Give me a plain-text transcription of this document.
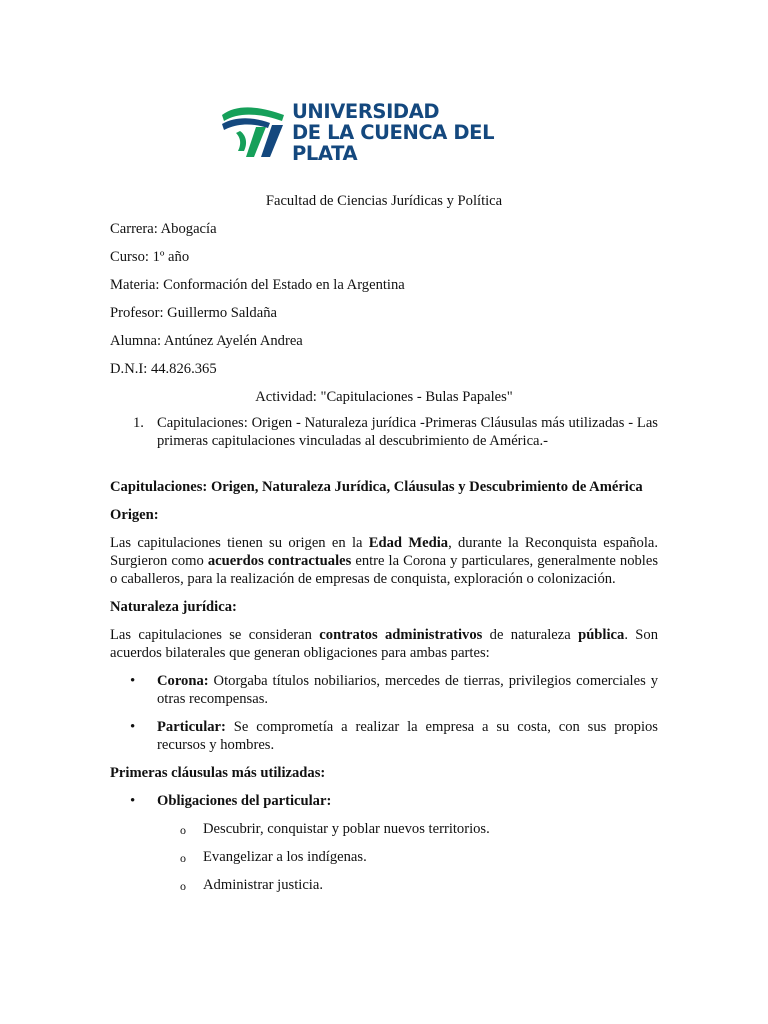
UNIVERSIDAD
DE LA CUENCA DEL PLATA

Facultad de Ciencias Jurídicas y Política

Carrera: Abogacía

Curso: 1º año

Materia: Conformación del Estado en la Argentina

Profesor: Guillermo Saldaña

Alumna: Antúnez Ayelén Andrea

D.N.I: 44.826.365

Actividad: "Capitulaciones - Bulas Papales"

1. Capitulaciones: Origen - Naturaleza jurídica -Primeras Cláusulas más utilizadas - Las primeras capitulaciones vinculadas al descubrimiento de América.-

Capitulaciones: Origen, Naturaleza Jurídica, Cláusulas y Descubrimiento de América

Origen:

Las capitulaciones tienen su origen en la Edad Media, durante la Reconquista española. Surgieron como acuerdos contractuales entre la Corona y particulares, generalmente nobles o caballeros, para la realización de empresas de conquista, exploración o colonización.

Naturaleza jurídica:

Las capitulaciones se consideran contratos administrativos de naturaleza pública. Son acuerdos bilaterales que generan obligaciones para ambas partes:

• Corona: Otorgaba títulos nobiliarios, mercedes de tierras, privilegios comerciales y otras recompensas.
• Particular: Se comprometía a realizar la empresa a su costa, con sus propios recursos y hombres.

Primeras cláusulas más utilizadas:

• Obligaciones del particular:
o Descubrir, conquistar y poblar nuevos territorios.
o Evangelizar a los indígenas.
o Administrar justicia.
